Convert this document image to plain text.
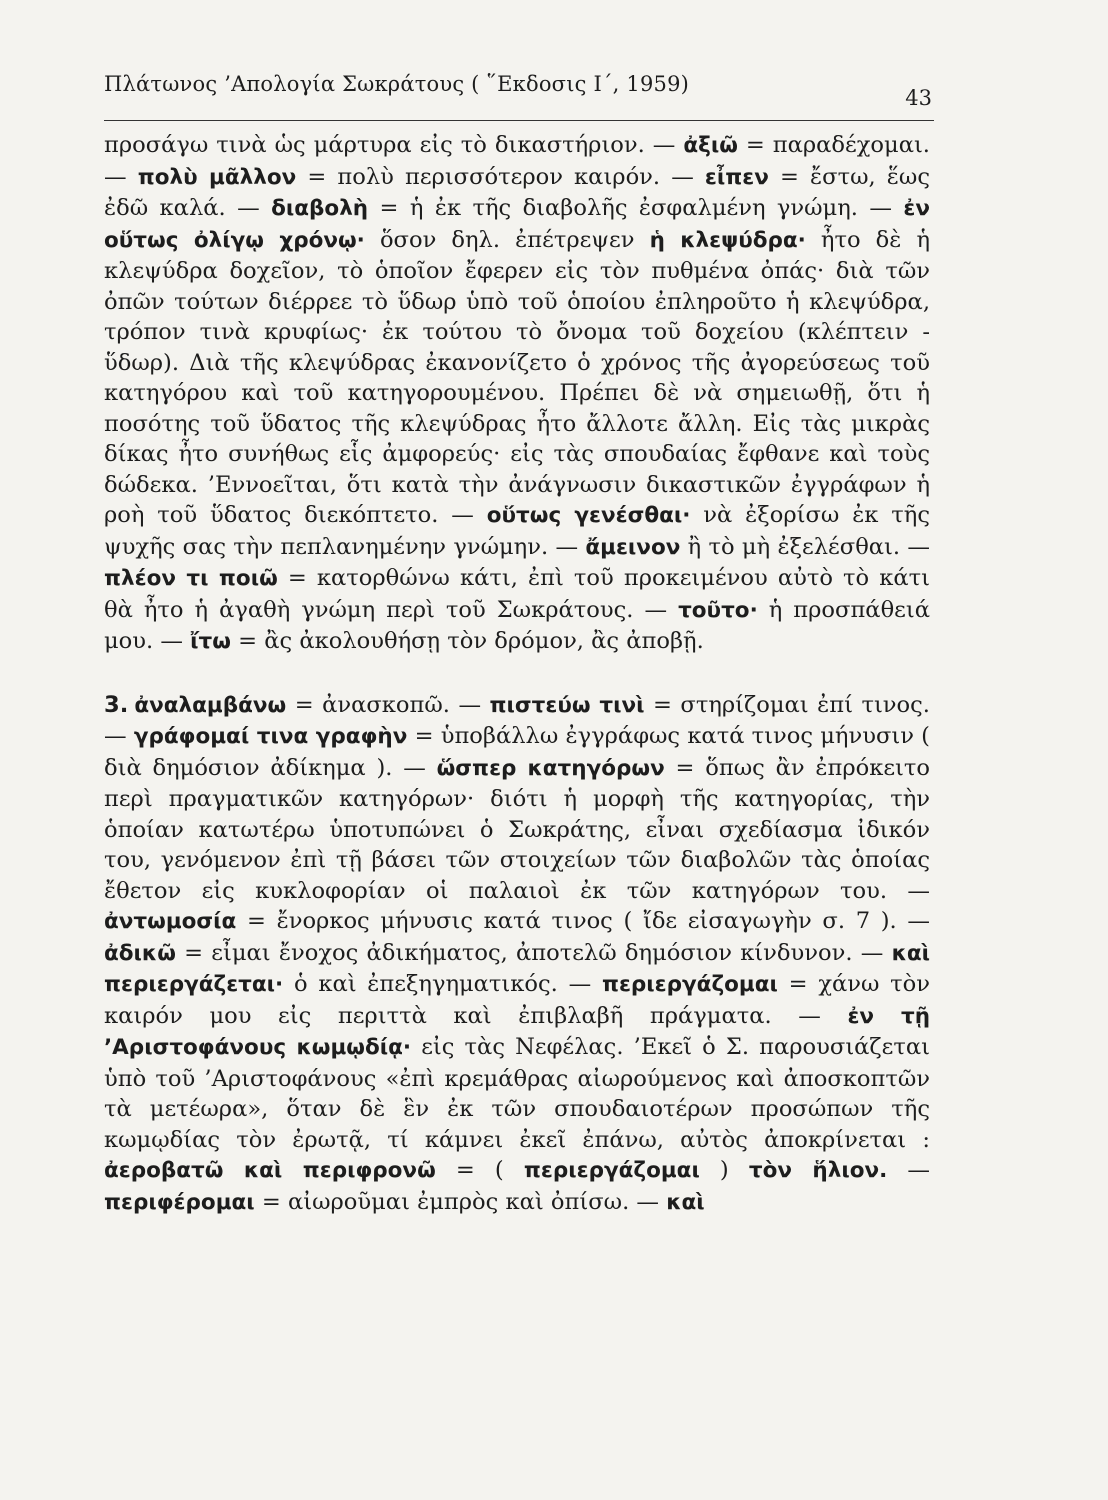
Πλάτωνος ’Απολογία Σωκράτους ( ῞Εκδοσις Ι΄, 1959)
43

προσάγω τινὰ ὡς μάρτυρα εἰς τὸ δικαστήριον. — ἀξιῶ = παραδέχομαι. — πολὺ μᾶλλον = πολὺ περισσότερον καιρόν. — εἶπεν = ἔστω, ἕως ἐδῶ καλά. — διαβολὴ = ἡ ἐκ τῆς διαβολῆς ἐσφαλμένη γνώμη. — ἐν οὕτως ὀλίγῳ χρόνῳ· ὅσον δηλ. ἐπέτρεψεν ἡ κλεψύδρα· ἦτο δὲ ἡ κλεψύδρα δοχεῖον, τὸ ὁποῖον ἔφερεν εἰς τὸν πυθμένα ὀπάς· διὰ τῶν ὀπῶν τούτων διέρρεε τὸ ὕδωρ ὑπὸ τοῦ ὁποίου ἐπληροῦτο ἡ κλεψύδρα, τρόπον τινὰ κρυφίως· ἐκ τούτου τὸ ὄνομα τοῦ δοχείου (κλέπτειν - ὕδωρ). Διὰ τῆς κλεψύδρας ἐκανονίζετο ὁ χρόνος τῆς ἀγορεύσεως τοῦ κατηγόρου καὶ τοῦ κατηγορουμένου. Πρέπει δὲ νὰ σημειωθῇ, ὅτι ἡ ποσότης τοῦ ὕδατος τῆς κλεψύδρας ἦτο ἄλλοτε ἄλλη. Εἰς τὰς μικρὰς δίκας ἦτο συνήθως εἷς ἀμφορεύς· εἰς τὰς σπουδαίας ἔφθανε καὶ τοὺς δώδεκα. ’Εννοεῖται, ὅτι κατὰ τὴν ἀνάγνωσιν δικαστικῶν ἐγγράφων ἡ ροὴ τοῦ ὕδατος διεκόπτετο. — οὕτως γενέσθαι· νὰ ἐξορίσω ἐκ τῆς ψυχῆς σας τὴν πεπλανημένην γνώμην. — ἄμεινον ἢ τὸ μὴ ἐξελέσθαι. — πλέον τι ποιῶ = κατορθώνω κάτι, ἐπὶ τοῦ προκειμένου αὐτὸ τὸ κάτι θὰ ἦτο ἡ ἀγαθὴ γνώμη περὶ τοῦ Σωκράτους. — τοῦτο· ἡ προσπάθειά μου. — ἴτω = ἂς ἀκολουθήσῃ τὸν δρόμον, ἂς ἀποβῇ.

3. ἀναλαμβάνω = ἀνασκοπῶ. — πιστεύω τινὶ = στηρίζομαι ἐπί τινος. — γράφομαί τινα γραφὴν = ὑποβάλλω ἐγγράφως κατά τινος μήνυσιν ( διὰ δημόσιον ἀδίκημα ). — ὥσπερ κατηγόρων = ὅπως ἂν ἐπρόκειτο περὶ πραγματικῶν κατηγόρων· διότι ἡ μορφὴ τῆς κατηγορίας, τὴν ὁποίαν κατωτέρω ὑποτυπώνει ὁ Σωκράτης, εἶναι σχεδίασμα ἰδικόν του, γενόμενον ἐπὶ τῇ βάσει τῶν στοιχείων τῶν διαβολῶν τὰς ὁποίας ἔθετον εἰς κυκλοφορίαν οἱ παλαιοὶ ἐκ τῶν κατηγόρων του. — ἀντωμοσία = ἔνορκος μήνυσις κατά τινος ( ἴδε εἰσαγωγὴν σ. 7 ). — ἀδικῶ = εἶμαι ἔνοχος ἀδικήματος, ἀποτελῶ δημόσιον κίνδυνον. — καὶ περιεργάζεται· ὁ καὶ ἐπεξηγηματικός. — περιεργάζομαι = χάνω τὸν καιρόν μου εἰς περιττὰ καὶ ἐπιβλαβῆ πράγματα. — ἐν τῇ ’Αριστοφάνους κωμῳδίᾳ· εἰς τὰς Νεφέλας. ’Εκεῖ ὁ Σ. παρουσιάζεται ὑπὸ τοῦ ’Αριστοφάνους «ἐπὶ κρεμάθρας αἰωρούμενος καὶ ἀποσκοπτῶν τὰ μετέωρα», ὅταν δὲ ἓν ἐκ τῶν σπουδαιοτέρων προσώπων τῆς κωμῳδίας τὸν ἐρωτᾷ, τί κάμνει ἐκεῖ ἐπάνω, αὐτὸς ἀποκρίνεται : ἀεροβατῶ καὶ περιφρονῶ = ( περιεργάζομαι ) τὸν ἥλιον. — περιφέρομαι = αἰωροῦμαι ἐμπρὸς καὶ ὀπίσω. — καὶ
